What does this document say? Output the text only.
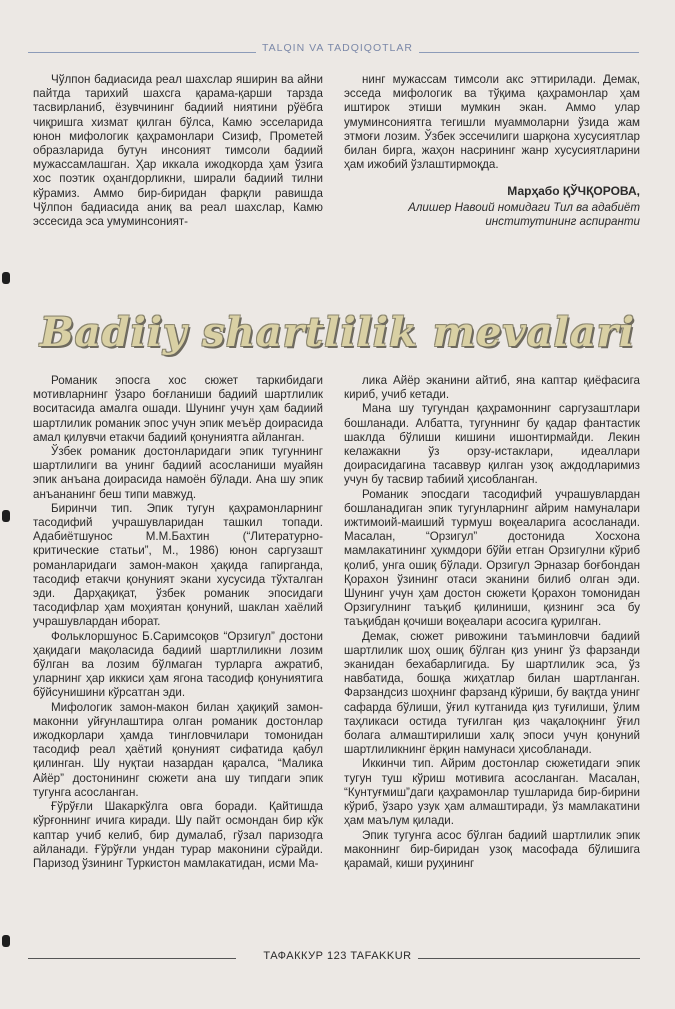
TALQIN VA TADQIQOTLAR

Чўлпон бадиасида реал шахслар яширин ва айни пайтда тарихий шахсга қарама-қарши тарзда тасвирланиб, ёзувчининг бадиий ниятини рўёбга чиқришга хизмат қилган бўлса, Камю эсселарида юнон мифологик қаҳрамонлари Сизиф, Прометей образларида бутун инсоният тимсоли бадиий мужассамлашган. Ҳар иккала ижодкорда ҳам ўзига хос поэтик оҳангдорликни, ширали бадиий тилни кўрамиз. Аммо бир-биридан фарқли равишда Чўлпон бадиасида аниқ ва реал шахслар, Камю эссесида эса умуминсоният-

нинг мужассам тимсоли акс эттирилади. Демак, эсседа мифологик ва тўқима қаҳрамонлар ҳам иштирок этиши мумкин экан. Аммо улар умуминсониятга тегишли муаммоларни ўзида жам этмоғи лозим. Ўзбек эссечилиги шарқона хусусиятлар билан бирга, жаҳон насрининг жанр хусусиятларини ҳам ижобий ўзлаштирмоқда.

Марҳабо ҚЎЧҚОРОВА,
Алишер Навоий номидаги Тил ва адабиёт институтининг аспиранти
Badiiy shartlilik mevalari

Романик эпосга хос сюжет таркибидаги мотивларнинг ўзаро боғланиши бадиий шартлилик воситасида амалга ошади. Шунинг учун ҳам бадиий шартлилик романик эпос учун эпик меъёр доирасида амал қилувчи етакчи бадиий қонуниятга айланган.

Ўзбек романик достонларидаги эпик тугуннинг шартлилиги ва унинг бадиий асосланиши муайян эпик анъана доирасида намоён бўлади. Ана шу эпик анъананинг беш типи мавжуд.

Биринчи тип. Эпик тугун қаҳрамонларнинг тасодифий учрашувларидан ташкил топади. Адабиётшунос М.М.Бахтин (“Литературно-критические статьи”, М., 1986) юнон саргузашт романларидаги замон-макон ҳақида гапирганда, тасодиф етакчи қонуният экани хусусида тўхталган эди. Дарҳақиқат, ўзбек романик эпосидаги тасодифлар ҳам моҳиятан қонуний, шаклан хаёлий учрашувлардан иборат.

Фольклоршунос Б.Саримсоқов “Орзигул” достони ҳақидаги мақоласида бадиий шартлиликни лозим бўлган ва лозим бўлмаган турларга ажратиб, уларнинг ҳар иккиси ҳам ягона тасодиф қонуниятига бўйсунишини кўрсатган эди.

Мифологик замон-макон билан ҳақиқий замон-маконни уйғунлаштира олган романик достонлар ижодкорлари ҳамда тингловчилари томонидан тасодиф реал ҳаётий қонуният сифатида қабул қилинган. Шу нуқтаи назардан қаралса, “Малика Айёр” достонининг сюжети ана шу типдаги эпик тугунга асосланган.

Ғўрўғли Шакаркўлга овга боради. Қайтишда кўрғоннинг ичига киради. Шу пайт осмондан бир кўк каптар учиб келиб, бир думалаб, гўзал паризодга айланади. Ғўрўғли ундан турар маконини сўрайди. Паризод ўзининг Туркистон мамлакатидан, исми Ма-

лика Айёр эканини айтиб, яна каптар қиёфасига кириб, учиб кетади.

Мана шу тугундан қаҳрамоннинг саргузаштлари бошланади. Албатта, тугуннинг бу қадар фантастик шаклда бўлиши кишини ишонтирмайди. Лекин келажакни ўз орзу-истаклари, идеаллари доирасидагина тасаввур қилган узоқ аждодларимиз учун бу тасвир табиий ҳисобланган.

Романик эпосдаги тасодифий учрашувлардан бошланадиган эпик тугунларнинг айрим намуналари ижтимоий-маиший турмуш воқеаларига асосланади. Масалан, “Орзигул” достонида Хосхона мамлакатининг ҳукмдори бўйи етган Орзигулни кўриб қолиб, унга ошиқ бўлади. Орзигул Эрназар боғбондан Қорахон ўзининг отаси эканини билиб олган эди. Шунинг учун ҳам достон сюжети Қорахон томонидан Орзигулнинг таъқиб қилиниши, қизнинг эса бу таъқибдан қочиши воқеалари асосига қурилган.

Демак, сюжет ривожини таъминловчи бадиий шартлилик шоҳ ошиқ бўлган қиз унинг ўз фарзанди эканидан бехабарлигида. Бу шартлилик эса, ўз навбатида, бошқа жиҳатлар билан шартланган. Фарзандсиз шоҳнинг фарзанд кўриши, бу вақтда унинг сафарда бўлиши, ўғил кутганида қиз туғилиши, ўлим таҳликаси остида туғилган қиз чақалоқнинг ўғил болага алмаштирилиши халқ эпоси учун қонуний шартлиликнинг ёрқин намунаси ҳисобланади.

Иккинчи тип. Айрим достонлар сюжетидаги эпик тугун туш кўриш мотивига асосланган. Масалан, “Кунтуғмиш”даги қаҳрамонлар тушларида бир-бирини кўриб, ўзаро узук ҳам алмаштиради, ўз мамлакатини ҳам маълум қилади.

Эпик тугунга асос бўлган бадиий шартлилик эпик маконнинг бир-биридан узоқ масофада бўлишига қарамай, киши руҳининг

ТАФАККУР 123 TAFAKKUR
